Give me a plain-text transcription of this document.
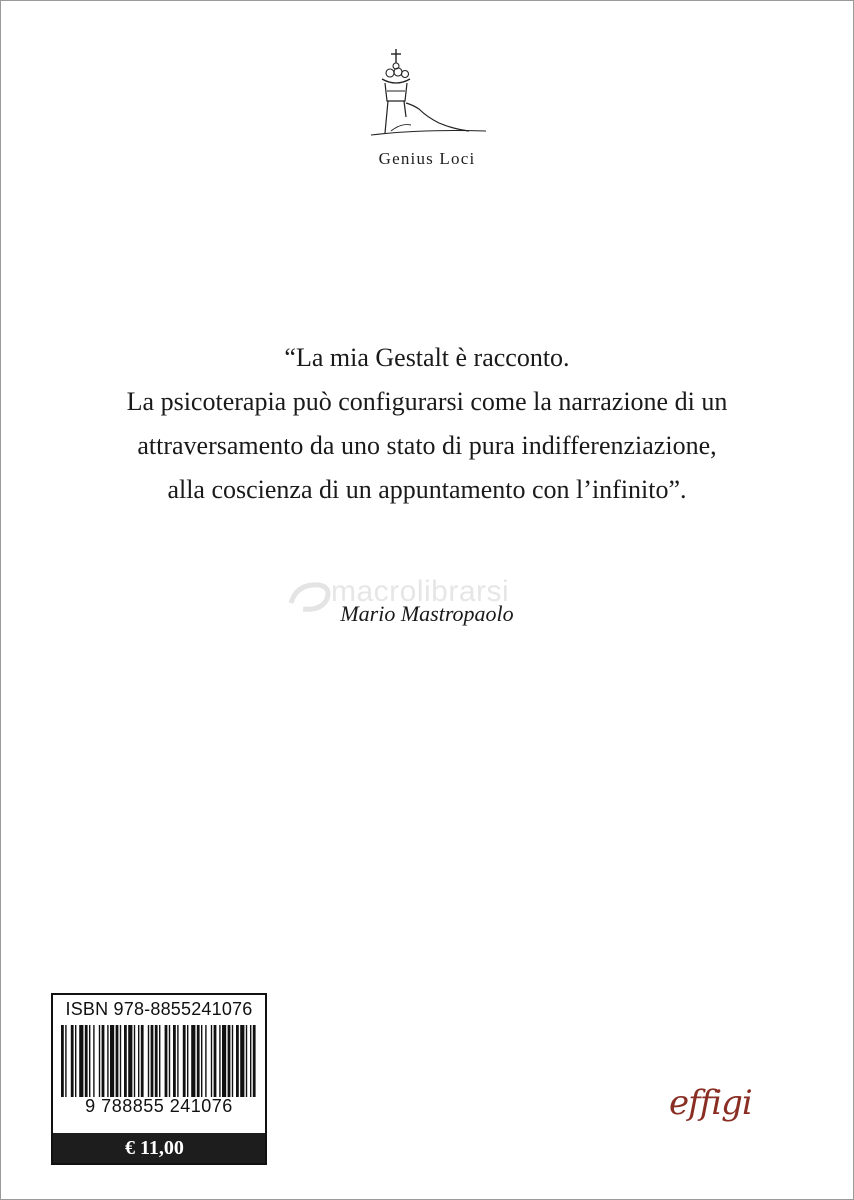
Genius Loci
“La mia Gestalt è racconto.
La psicoterapia può configurarsi come la narrazione di un
attraversamento da uno stato di pura indifferenziazione,
alla coscienza di un appuntamento con l’infinito”.
macrolibrarsi
Mario Mastropaolo
ISBN 978-8855241076
9 788855 241076
€ 11,00
effigi
